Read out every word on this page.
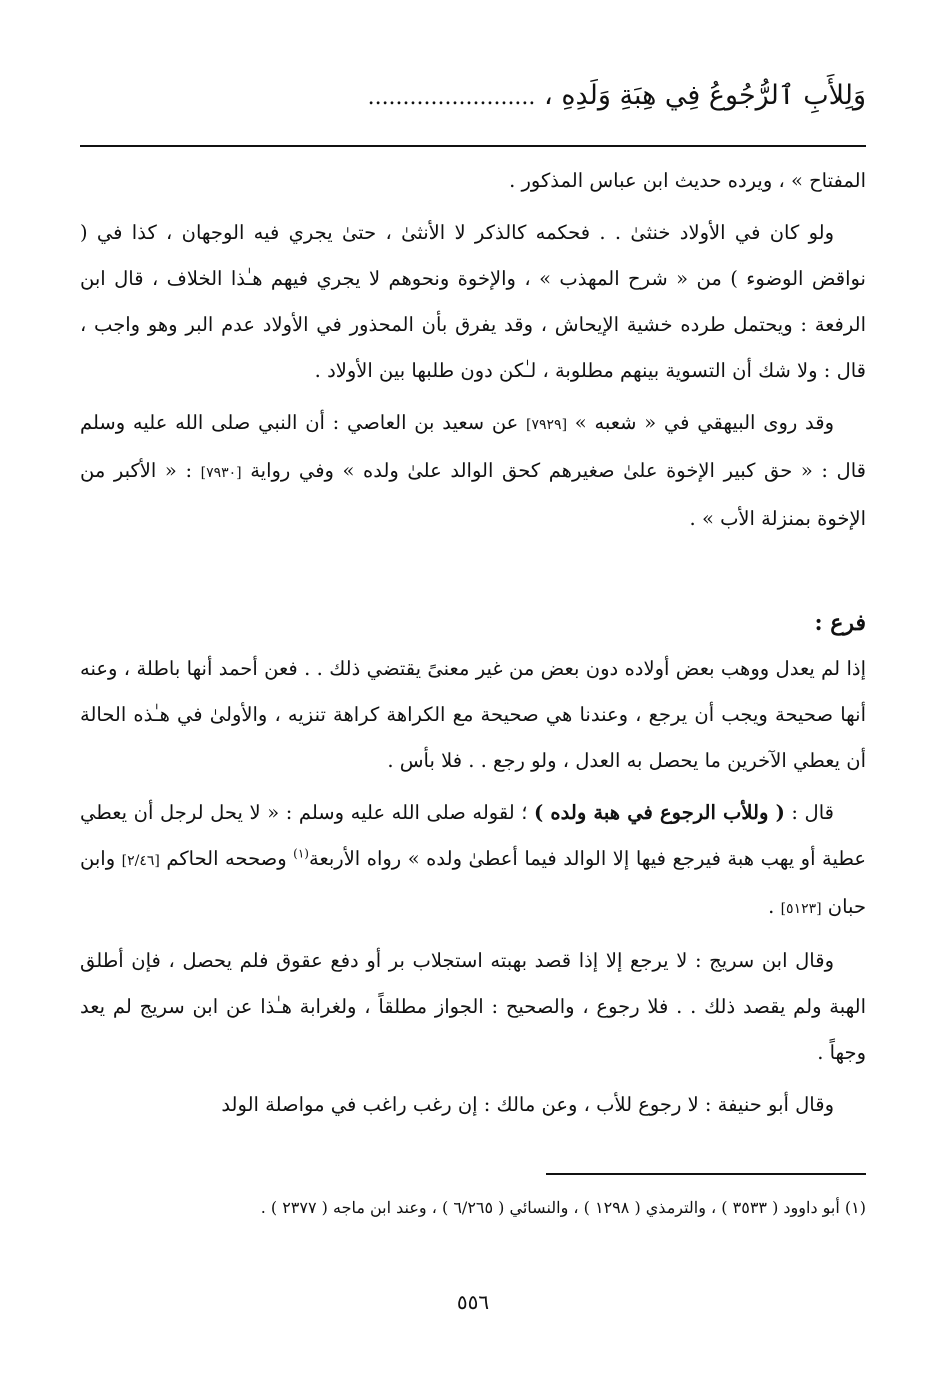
وَلِلأَبِ ٱلرُّجُوعُ فِي هِبَةِ وَلَدِهِ ، ........................

المفتاح » ، ويرده حديث ابن عباس المذكور .

ولو كان في الأولاد خنثىٰ . . فحكمه كالذكر لا الأنثىٰ ، حتىٰ يجري فيه الوجهان ، كذا في ( نواقض الوضوء ) من « شرح المهذب » ، والإخوة ونحوهم لا يجري فيهم هـٰذا الخلاف ، قال ابن الرفعة : ويحتمل طرده خشية الإيحاش ، وقد يفرق بأن المحذور في الأولاد عدم البر وهو واجب ، قال : ولا شك أن التسوية بينهم مطلوبة ، لـٰكن دون طلبها بين الأولاد .

وقد روى البيهقي في « شعبه » [٧٩٢٩] عن سعيد بن العاصي : أن النبي صلى الله عليه وسلم قال : « حق كبير الإخوة علىٰ صغيرهم كحق الوالد علىٰ ولده » وفي رواية [٧٩٣٠] : « الأكبر من الإخوة بمنزلة الأب » .

فرع :

إذا لم يعدل ووهب بعض أولاده دون بعض من غير معنىً يقتضي ذلك . . فعن أحمد أنها باطلة ، وعنه أنها صحيحة ويجب أن يرجع ، وعندنا هي صحيحة مع الكراهة كراهة تنزيه ، والأولىٰ في هـٰذه الحالة أن يعطي الآخرين ما يحصل به العدل ، ولو رجع . . فلا بأس .

قال : ( وللأب الرجوع في هبة ولده ) ؛ لقوله صلى الله عليه وسلم : « لا يحل لرجل أن يعطي عطية أو يهب هبة فيرجع فيها إلا الوالد فيما أعطىٰ ولده » رواه الأربعة$^{(١)}$ وصححه الحاكم [٢/٤٦] وابن حبان [٥١٢٣] .

وقال ابن سريج : لا يرجع إلا إذا قصد بهبته استجلاب بر أو دفع عقوق فلم يحصل ، فإن أطلق الهبة ولم يقصد ذلك . . فلا رجوع ، والصحيح : الجواز مطلقاً ، ولغرابة هـٰذا عن ابن سريج لم يعد وجهاً .

وقال أبو حنيفة : لا رجوع للأب ، وعن مالك : إن رغب راغب في مواصلة الولد

(١) أبو داوود ( ٣٥٣٣ ) ، والترمذي ( ١٢٩٨ ) ، والنسائي ( ٦/٢٦٥ ) ، وعند ابن ماجه ( ٢٣٧٧ ) .

٥٥٦
